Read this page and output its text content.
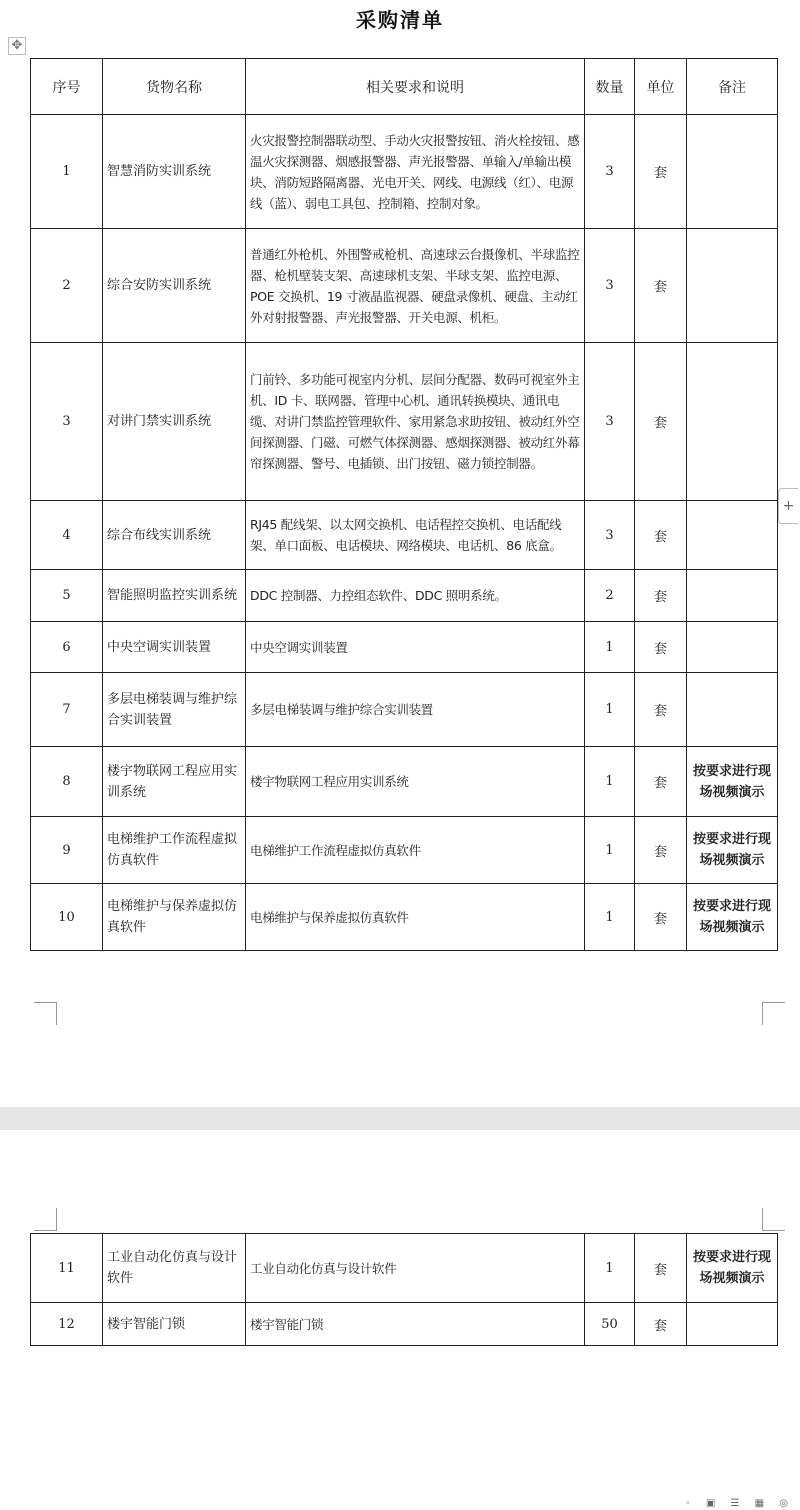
采购清单
✥
+
序号	货物名称	相关要求和说明	数量	单位	备注
1	智慧消防实训系统	火灾报警控制器联动型、手动火灾报警按钮、消火栓按钮、感温火灾探测器、烟感报警器、声光报警器、单输入/单输出模块、消防短路隔离器、光电开关、网线、电源线（红）、电源线（蓝）、弱电工具包、控制箱、控制对象。	3	套	
2	综合安防实训系统	普通红外枪机、外围警戒枪机、高速球云台摄像机、半球监控器、枪机壁装支架、高速球机支架、半球支架、监控电源、POE 交换机、19 寸液晶监视器、硬盘录像机、硬盘、主动红外对射报警器、声光报警器、开关电源、机柜。	3	套	
3	对讲门禁实训系统	门前铃、多功能可视室内分机、层间分配器、数码可视室外主机、ID 卡、联网器、管理中心机、通讯转换模块、通讯电缆、对讲门禁监控管理软件、家用紧急求助按钮、被动红外空间探测器、门磁、可燃气体探测器、感烟探测器、被动红外幕帘探测器、警号、电插锁、出门按钮、磁力锁控制器。	3	套	
4	综合布线实训系统	RJ45 配线架、以太网交换机、电话程控交换机、电话配线架、单口面板、电话模块、网络模块、电话机、86 底盒。	3	套	
5	智能照明监控实训系统	DDC 控制器、力控组态软件、DDC 照明系统。	2	套	
6	中央空调实训装置	中央空调实训装置	1	套	
7	多层电梯装调与维护综合实训装置	多层电梯装调与维护综合实训装置	1	套	
8	楼宇物联网工程应用实训系统	楼宇物联网工程应用实训系统	1	套	按要求进行现场视频演示
9	电梯维护工作流程虚拟仿真软件	电梯维护工作流程虚拟仿真软件	1	套	按要求进行现场视频演示
10	电梯维护与保养虚拟仿真软件	电梯维护与保养虚拟仿真软件	1	套	按要求进行现场视频演示
11	工业自动化仿真与设计软件	工业自动化仿真与设计软件	1	套	按要求进行现场视频演示
12	楼宇智能门锁	楼宇智能门锁	50	套	
◦ ▣ ☰ ▦ ◎
